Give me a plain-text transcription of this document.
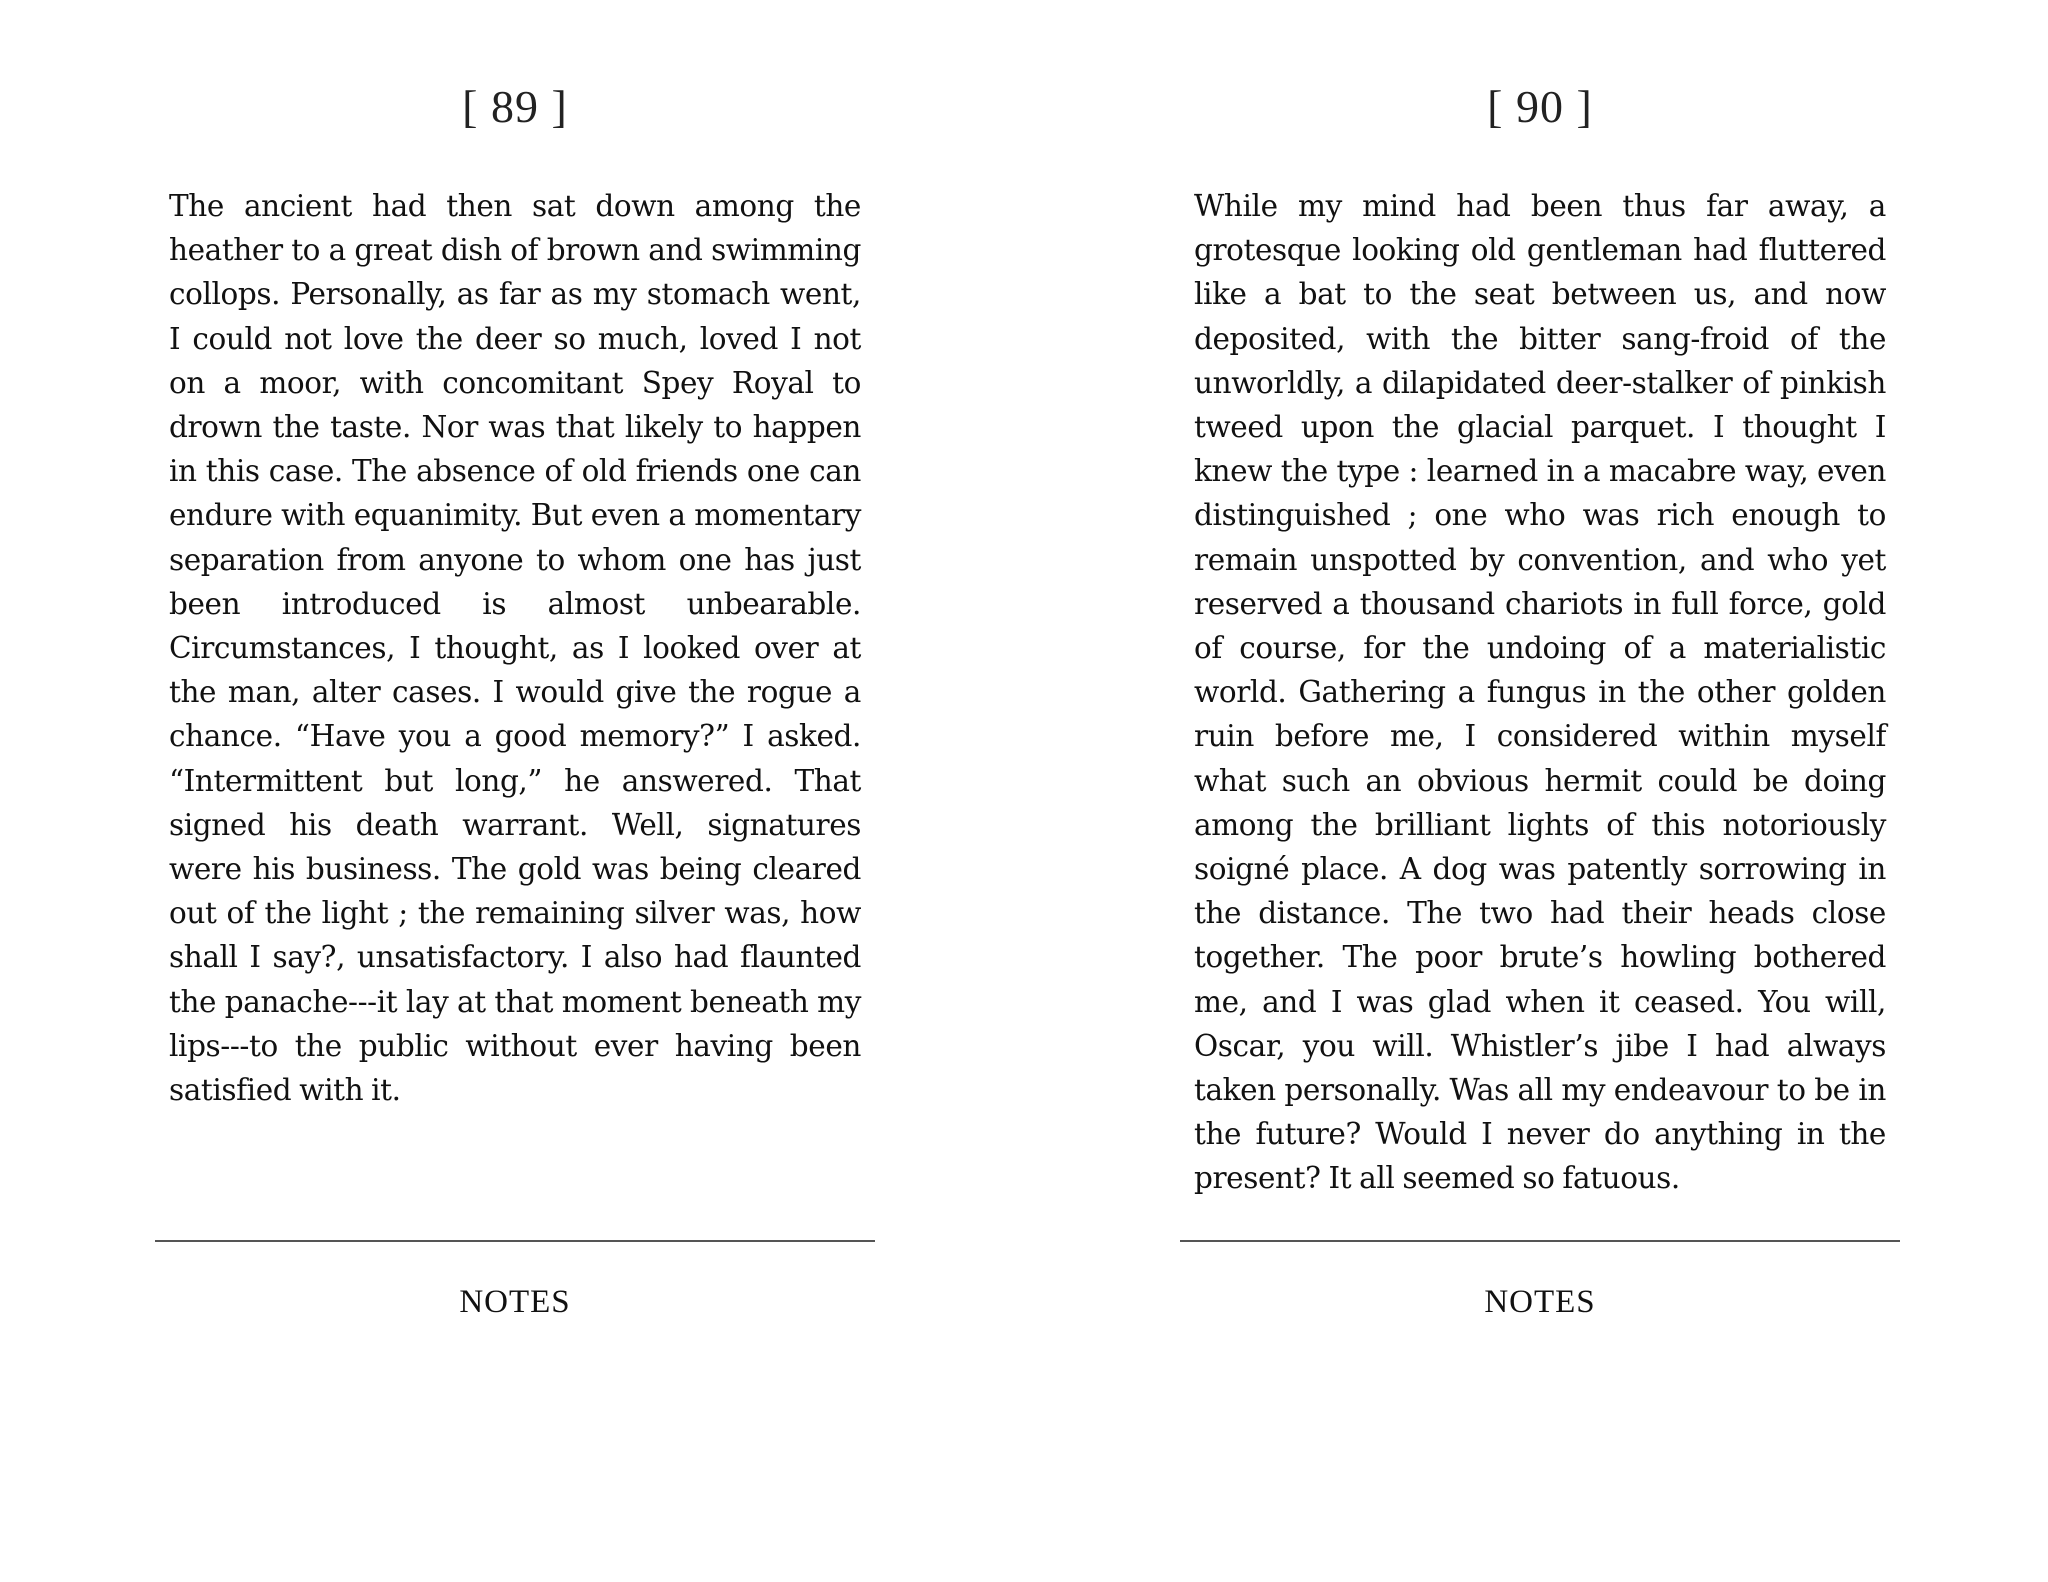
[ 89 ]

The ancient had then sat down among the heather to a great dish of brown and swimming collops. Personally, as far as my stomach went, I could not love the deer so much, loved I not on a moor, with concomitant Spey Royal to drown the taste. Nor was that likely to happen in this case. The absence of old friends one can endure with equanimity. But even a momentary separation from anyone to whom one has just been introduced is almost unbearable. Circumstances, I thought, as I looked over at the man, alter cases. I would give the rogue a chance. “Have you a good memory?” I asked. “Intermittent but long,” he answered. That signed his death warrant. Well, signatures were his business. The gold was being cleared out of the light ; the remaining silver was, how shall I say?, unsatisfactory. I also had flaunted the panache---it lay at that moment beneath my lips---to the public without ever having been satisfied with it.

NOTES
[ 90 ]

While my mind had been thus far away, a grotesque looking old gentleman had fluttered like a bat to the seat between us, and now deposited, with the bitter sang-froid of the unworldly, a dilapidated deer-stalker of pinkish tweed upon the glacial parquet. I thought I knew the type : learned in a macabre way, even distinguished ; one who was rich enough to remain unspotted by convention, and who yet reserved a thousand chariots in full force, gold of course, for the undoing of a materialistic world. Gathering a fungus in the other golden ruin before me, I considered within myself what such an obvious hermit could be doing among the brilliant lights of this notoriously soigné place. A dog was patently sorrowing in the distance. The two had their heads close together. The poor brute’s howling bothered me, and I was glad when it ceased. You will, Oscar, you will. Whistler’s jibe I had always taken personally. Was all my endeavour to be in the future? Would I never do anything in the present? It all seemed so fatuous.

NOTES
